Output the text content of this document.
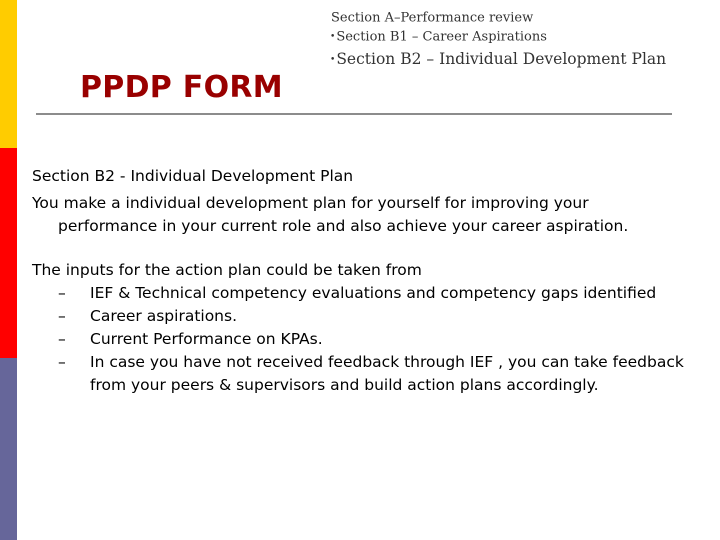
Section A–Performance review
•Section B1 – Career Aspirations
•Section B2 – Individual Development Plan
PPDP FORM
Section B2 - Individual Development Plan
You make a individual development plan for yourself for improving your
performance in your current role and also achieve your career aspiration.
The inputs for the action plan could be taken from
– IEF & Technical competency evaluations and competency gaps identified
– Career aspirations.
– Current Performance on KPAs.
– In case you have not received feedback through IEF , you can take feedback from your peers & supervisors and build action plans accordingly.
